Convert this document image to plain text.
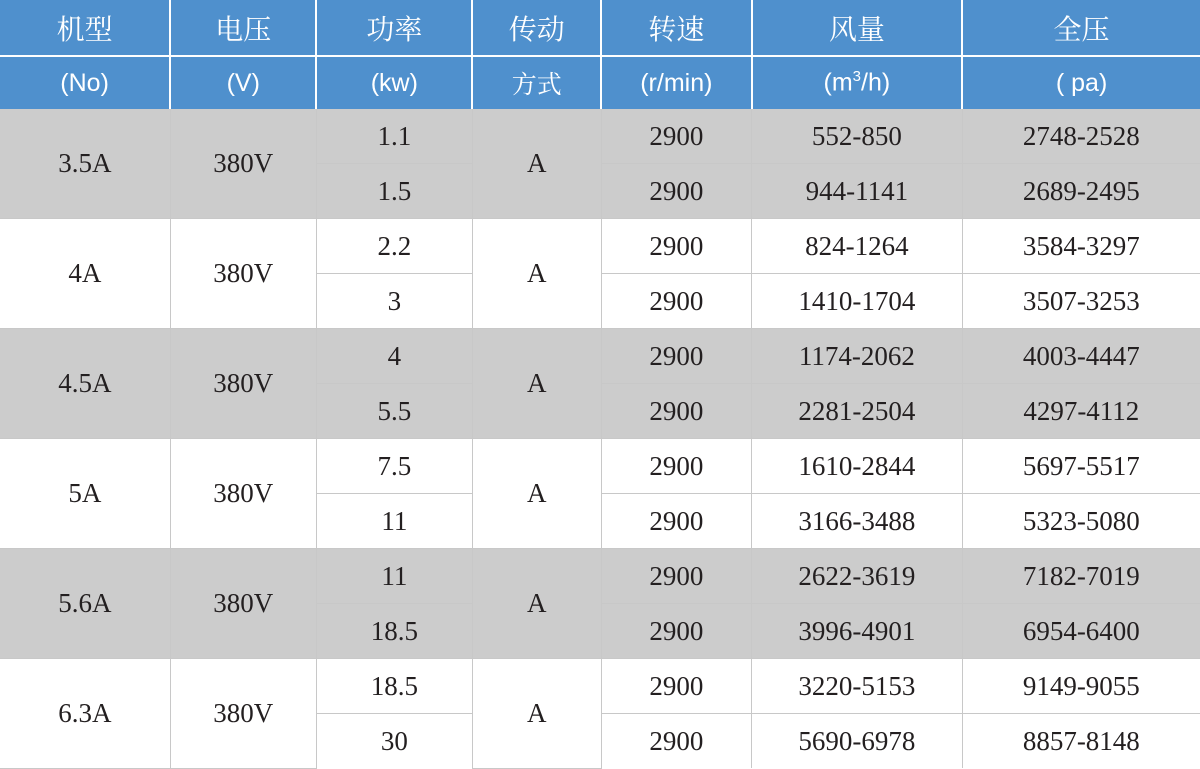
机型	电压	功率	传动	转速	风量	全压
(No)	(V)	(kw)	方式	(r/min)	$(m^3/h)$	( pa)
3.5A	380V	1.1	A	2900	552-850	2748-2528
		1.5		2900	944-1141	2689-2495
4A	380V	2.2	A	2900	824-1264	3584-3297
		3		2900	1410-1704	3507-3253
4.5A	380V	4	A	2900	1174-2062	4003-4447
		5.5		2900	2281-2504	4297-4112
5A	380V	7.5	A	2900	1610-2844	5697-5517
		11		2900	3166-3488	5323-5080
5.6A	380V	11	A	2900	2622-3619	7182-7019
		18.5		2900	3996-4901	6954-6400
6.3A	380V	18.5	A	2900	3220-5153	9149-9055
		30		2900	5690-6978	8857-8148
